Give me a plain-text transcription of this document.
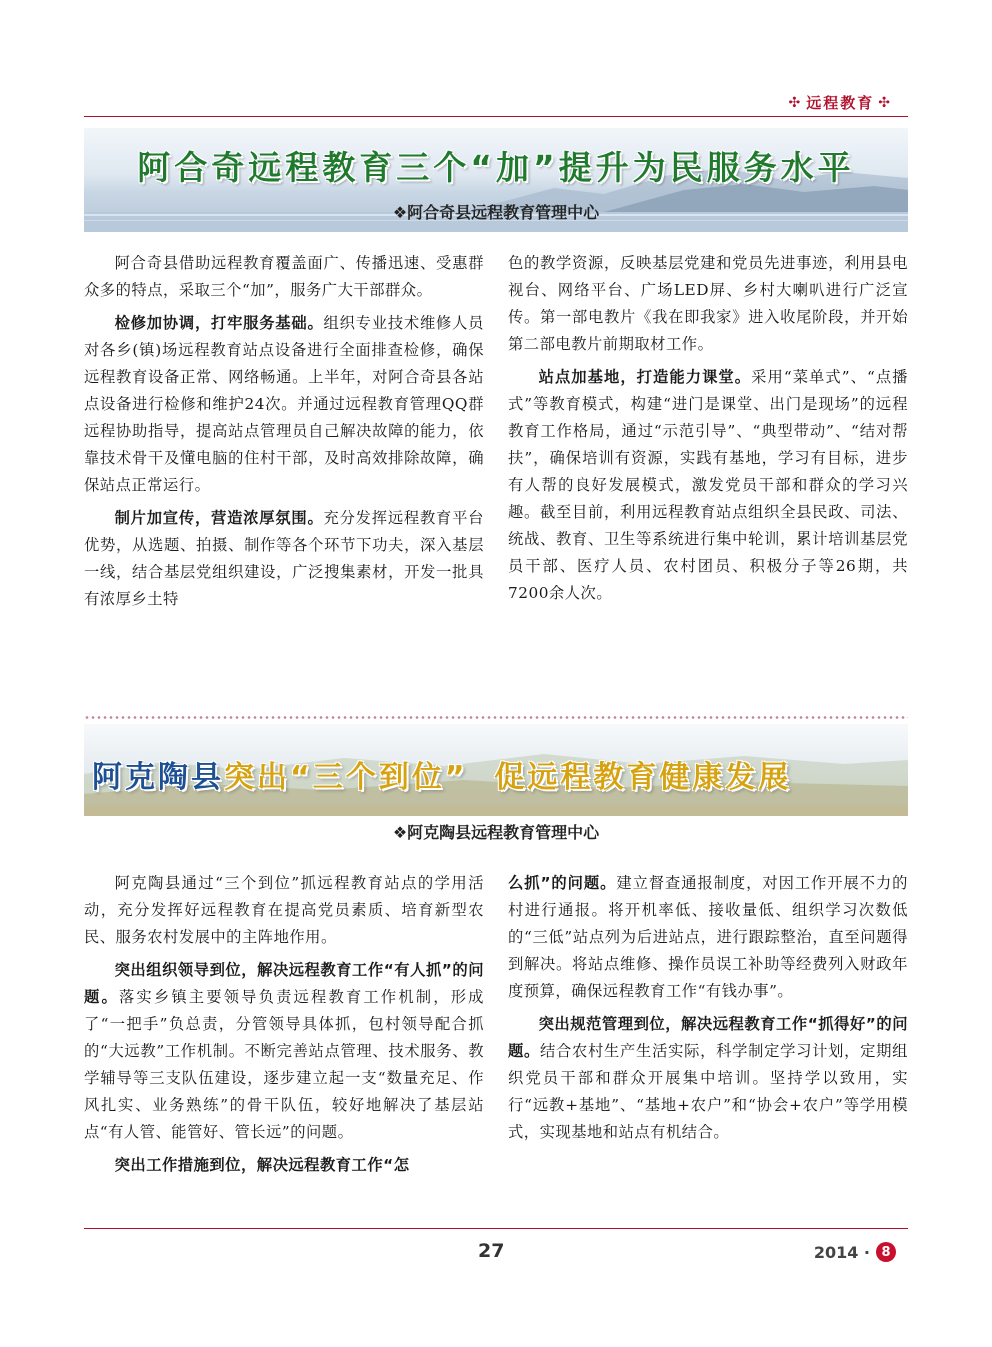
✣ 远程教育 ✣
阿合奇远程教育三个“加”提升为民服务水平
❖阿合奇县远程教育管理中心

阿合奇县借助远程教育覆盖面广、传播迅速、受惠群众多的特点，采取三个“加”，服务广大干部群众。

检修加协调，打牢服务基础。组织专业技术维修人员对各乡(镇)场远程教育站点设备进行全面排查检修，确保远程教育设备正常、网络畅通。上半年，对阿合奇县各站点设备进行检修和维护24次。并通过远程教育管理QQ群远程协助指导，提高站点管理员自己解决故障的能力，依靠技术骨干及懂电脑的住村干部，及时高效排除故障，确保站点正常运行。

制片加宣传，营造浓厚氛围。充分发挥远程教育平台优势，从选题、拍摄、制作等各个环节下功夫，深入基层一线，结合基层党组织建设，广泛搜集素材，开发一批具有浓厚乡土特

色的教学资源，反映基层党建和党员先进事迹，利用县电视台、网络平台、广场LED屏、乡村大喇叭进行广泛宣传。第一部电教片《我在即我家》进入收尾阶段，并开始第二部电教片前期取材工作。

站点加基地，打造能力课堂。采用“菜单式”、“点播式”等教育模式，构建“进门是课堂、出门是现场”的远程教育工作格局，通过“示范引导”、“典型带动”、“结对帮扶”，确保培训有资源，实践有基地，学习有目标，进步有人帮的良好发展模式，激发党员干部和群众的学习兴趣。截至目前，利用远程教育站点组织全县民政、司法、统战、教育、卫生等系统进行集中轮训，累计培训基层党员干部、医疗人员、农村团员、积极分子等26期，共7200余人次。

阿克陶县突出“三个到位”  促远程教育健康发展
❖阿克陶县远程教育管理中心

阿克陶县通过“三个到位”抓远程教育站点的学用活动，充分发挥好远程教育在提高党员素质、培育新型农民、服务农村发展中的主阵地作用。

突出组织领导到位，解决远程教育工作“有人抓”的问题。落实乡镇主要领导负责远程教育工作机制，形成了“一把手”负总责，分管领导具体抓，包村领导配合抓的“大远教”工作机制。不断完善站点管理、技术服务、教学辅导等三支队伍建设，逐步建立起一支“数量充足、作风扎实、业务熟练”的骨干队伍，较好地解决了基层站点“有人管、能管好、管长远”的问题。

突出工作措施到位，解决远程教育工作“怎

么抓”的问题。建立督查通报制度，对因工作开展不力的村进行通报。将开机率低、接收量低、组织学习次数低的“三低”站点列为后进站点，进行跟踪整治，直至问题得到解决。将站点维修、操作员误工补助等经费列入财政年度预算，确保远程教育工作“有钱办事”。

突出规范管理到位，解决远程教育工作“抓得好”的问题。结合农村生产生活实际，科学制定学习计划，定期组织党员干部和群众开展集中培训。坚持学以致用，实行“远教+基地”、“基地+农户”和“协会+农户”等学用模式，实现基地和站点有机结合。

27	2014 · 8
